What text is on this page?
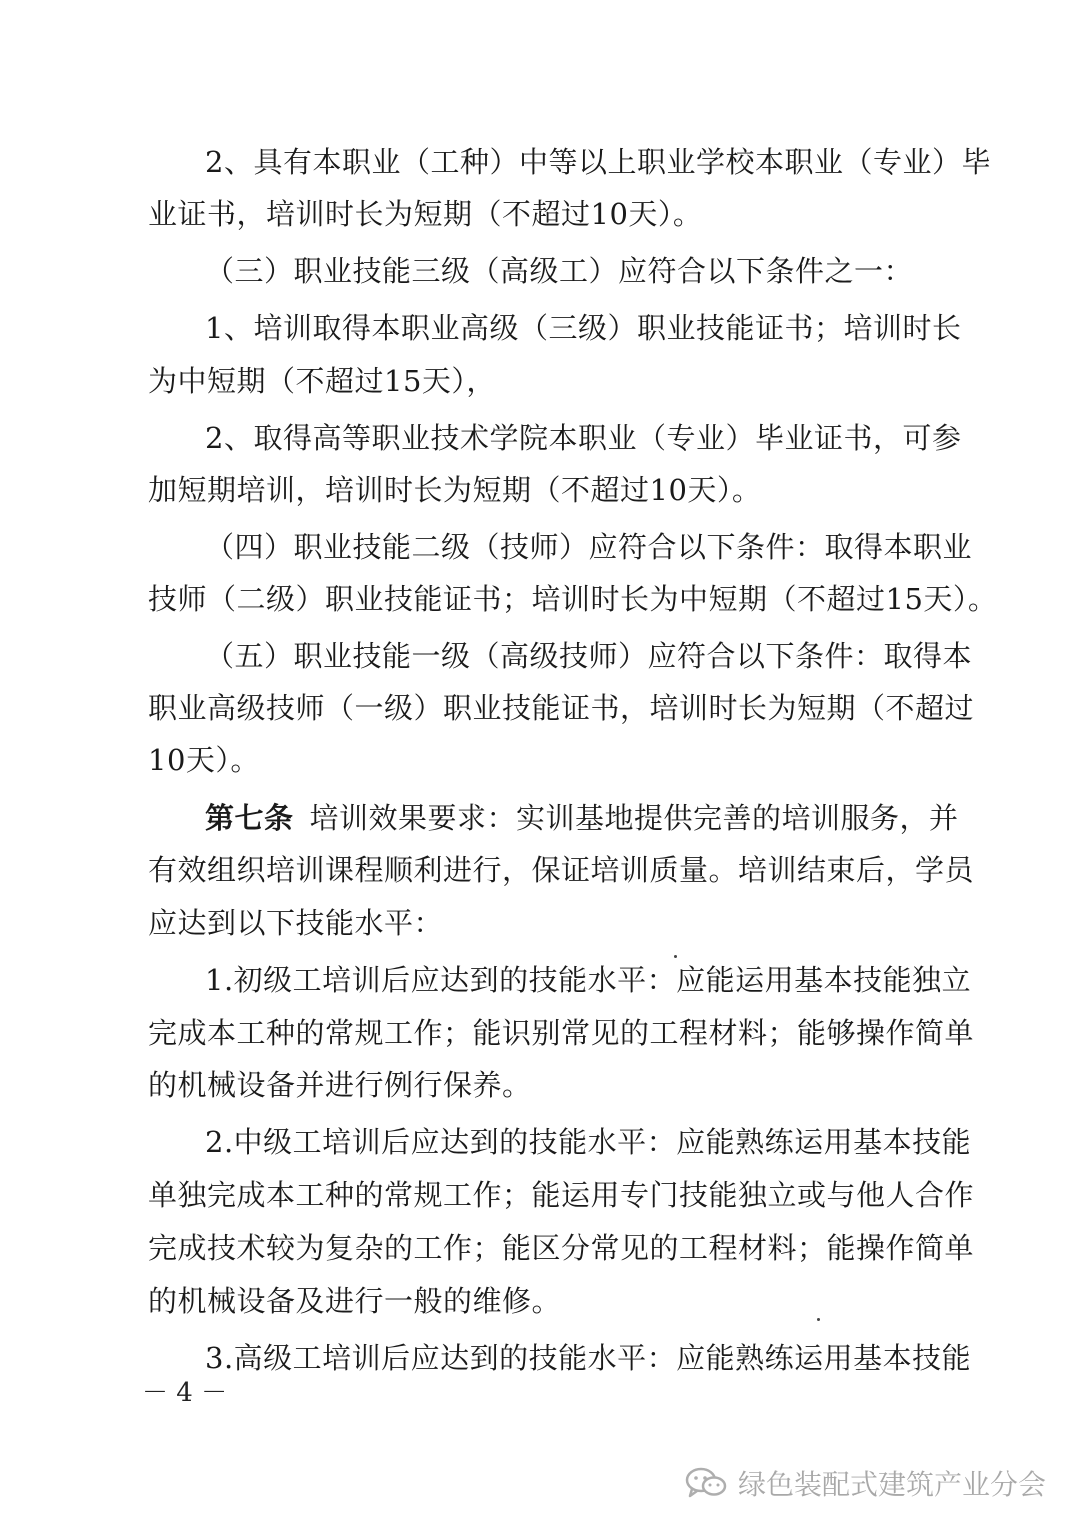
2、具有本职业（工种）中等以上职业学校本职业（专业）毕
业证书，培训时长为短期（不超过10天）。
（三）职业技能三级（高级工）应符合以下条件之一：
1、培训取得本职业高级（三级）职业技能证书；培训时长
为中短期（不超过15天），
2、取得高等职业技术学院本职业（专业）毕业证书，可参
加短期培训，培训时长为短期（不超过10天）。
（四）职业技能二级（技师）应符合以下条件：取得本职业
技师（二级）职业技能证书；培训时长为中短期（不超过15天）。
（五）职业技能一级（高级技师）应符合以下条件：取得本
职业高级技师（一级）职业技能证书，培训时长为短期（不超过
10天）。
第七条 培训效果要求：实训基地提供完善的培训服务，并
有效组织培训课程顺利进行，保证培训质量。培训结束后，学员
应达到以下技能水平：
1.初级工培训后应达到的技能水平：应能运用基本技能独立
完成本工种的常规工作；能识别常见的工程材料；能够操作简单
的机械设备并进行例行保养。
2.中级工培训后应达到的技能水平：应能熟练运用基本技能
单独完成本工种的常规工作；能运用专门技能独立或与他人合作
完成技术较为复杂的工作；能区分常见的工程材料；能操作简单
的机械设备及进行一般的维修。
3.高级工培训后应达到的技能水平：应能熟练运用基本技能
－ 4 －
绿色装配式建筑产业分会
